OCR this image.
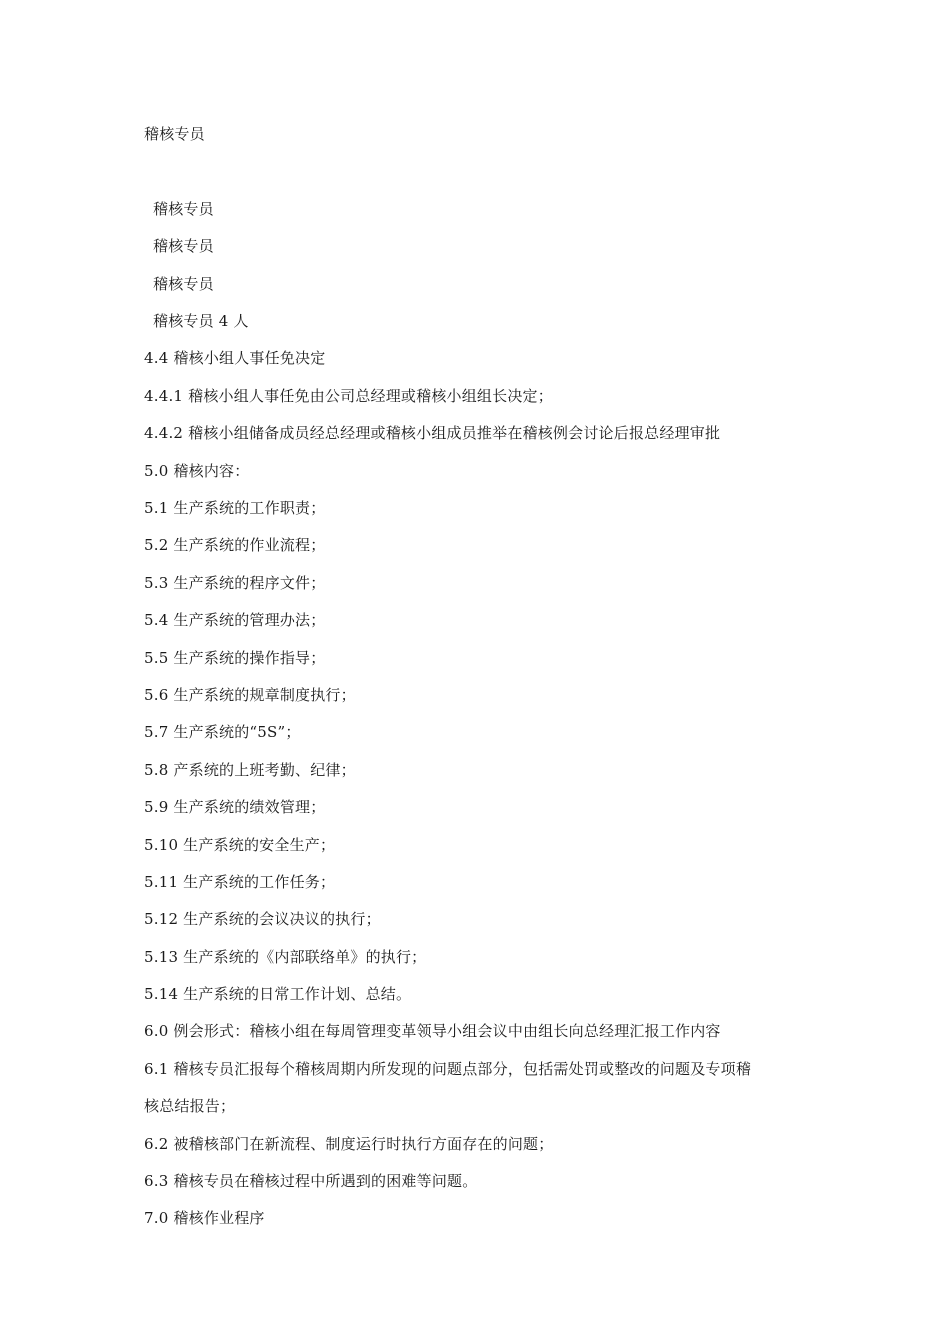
稽核专员
稽核专员
稽核专员
稽核专员
稽核专员 4 人
4.4 稽核小组人事任免决定
4.4.1 稽核小组人事任免由公司总经理或稽核小组组长决定；
4.4.2 稽核小组储备成员经总经理或稽核小组成员推举在稽核例会讨论后报总经理审批
5.0 稽核内容：
5.1 生产系统的工作职责；
5.2 生产系统的作业流程；
5.3 生产系统的程序文件；
5.4 生产系统的管理办法；
5.5 生产系统的操作指导；
5.6 生产系统的规章制度执行；
5.7 生产系统的“5S”；
5.8 产系统的上班考勤、纪律；
5.9 生产系统的绩效管理；
5.10 生产系统的安全生产；
5.11 生产系统的工作任务；
5.12 生产系统的会议决议的执行；
5.13 生产系统的《内部联络单》的执行；
5.14 生产系统的日常工作计划、总结。
6.0 例会形式：稽核小组在每周管理变革领导小组会议中由组长向总经理汇报工作内容
6.1 稽核专员汇报每个稽核周期内所发现的问题点部分，包括需处罚或整改的问题及专项稽
核总结报告；
6.2 被稽核部门在新流程、制度运行时执行方面存在的问题；
6.3 稽核专员在稽核过程中所遇到的困难等问题。
7.0 稽核作业程序
